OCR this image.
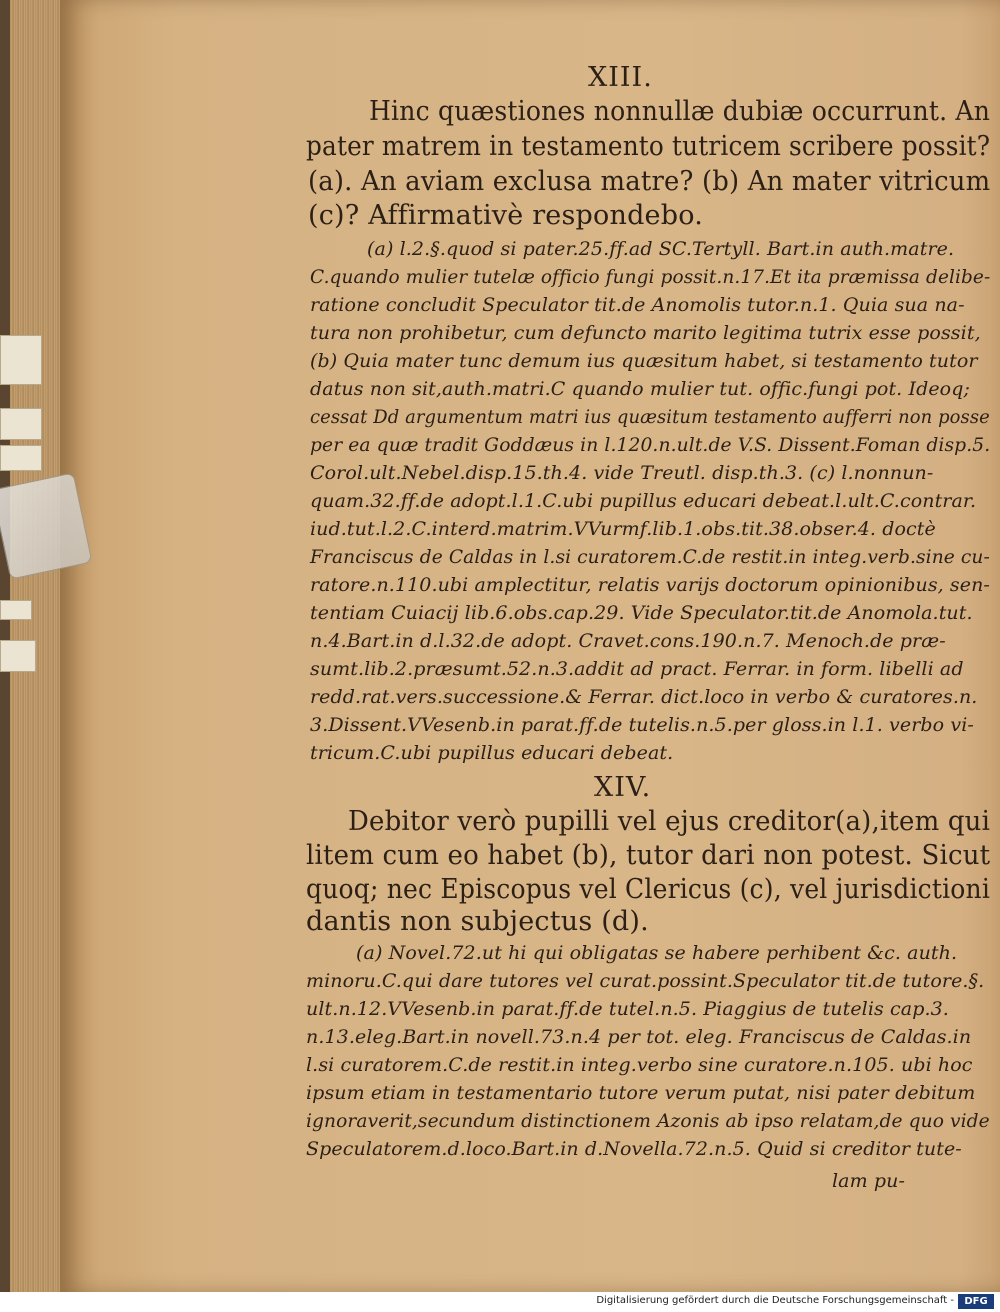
XIII.
Hinc quæstiones nonnullæ dubiæ occurrunt. An
pater matrem in testamento tutricem scribere possit?
(a). An aviam exclusa matre? (b) An mater vitricum
(c)? Affirmativè respondebo.
(a) l.2.§.quod si pater.25.ff.ad SC.Tertyll. Bart.in auth.matre.
C.quando mulier tutelæ officio fungi possit.n.17.Et ita præmissa delibe-
ratione concludit Speculator tit.de Anomolis tutor.n.1. Quia sua na-
tura non prohibetur, cum defuncto marito legitima tutrix esse possit,
(b) Quia mater tunc demum ius quæsitum habet, si testamento tutor
datus non sit,auth.matri.C quando mulier tut. offic.fungi pot. Ideoq;
cessat Dd argumentum matri ius quæsitum testamento aufferri non posse
per ea quæ tradit Goddæus in l.120.n.ult.de V.S. Dissent.Foman disp.5.
Corol.ult.Nebel.disp.15.th.4. vide Treutl. disp.th.3. (c) l.nonnun-
quam.32.ff.de adopt.l.1.C.ubi pupillus educari debeat.l.ult.C.contrar.
iud.tut.l.2.C.interd.matrim.VVurmf.lib.1.obs.tit.38.obser.4. doctè
Franciscus de Caldas in l.si curatorem.C.de restit.in integ.verb.sine cu-
ratore.n.110.ubi amplectitur, relatis varijs doctorum opinionibus, sen-
tentiam Cuiacij lib.6.obs.cap.29. Vide Speculator.tit.de Anomola.tut.
n.4.Bart.in d.l.32.de adopt. Cravet.cons.190.n.7. Menoch.de præ-
sumt.lib.2.præsumt.52.n.3.addit ad pract. Ferrar. in form. libelli ad
redd.rat.vers.successione.& Ferrar. dict.loco in verbo & curatores.n.
3.Dissent.VVesenb.in parat.ff.de tutelis.n.5.per gloss.in l.1. verbo vi-
tricum.C.ubi pupillus educari debeat.
XIV.
Debitor verò pupilli vel ejus creditor(a),item qui
litem cum eo habet (b), tutor dari non potest. Sicut
quoq; nec Episcopus vel Clericus (c), vel jurisdictioni
dantis non subjectus (d).
(a) Novel.72.ut hi qui obligatas se habere perhibent &c. auth.
minoru.C.qui dare tutores vel curat.possint.Speculator tit.de tutore.§.
ult.n.12.VVesenb.in parat.ff.de tutel.n.5. Piaggius de tutelis cap.3.
n.13.eleg.Bart.in novell.73.n.4 per tot. eleg. Franciscus de Caldas.in
l.si curatorem.C.de restit.in integ.verbo sine curatore.n.105. ubi hoc
ipsum etiam in testamentario tutore verum putat, nisi pater debitum
ignoraverit,secundum distinctionem Azonis ab ipso relatam,de quo vide
Speculatorem.d.loco.Bart.in d.Novella.72.n.5. Quid si creditor tute-
lam pu-
Digitalisierung gefördert durch die Deutsche Forschungsgemeinschaft -	DFG
